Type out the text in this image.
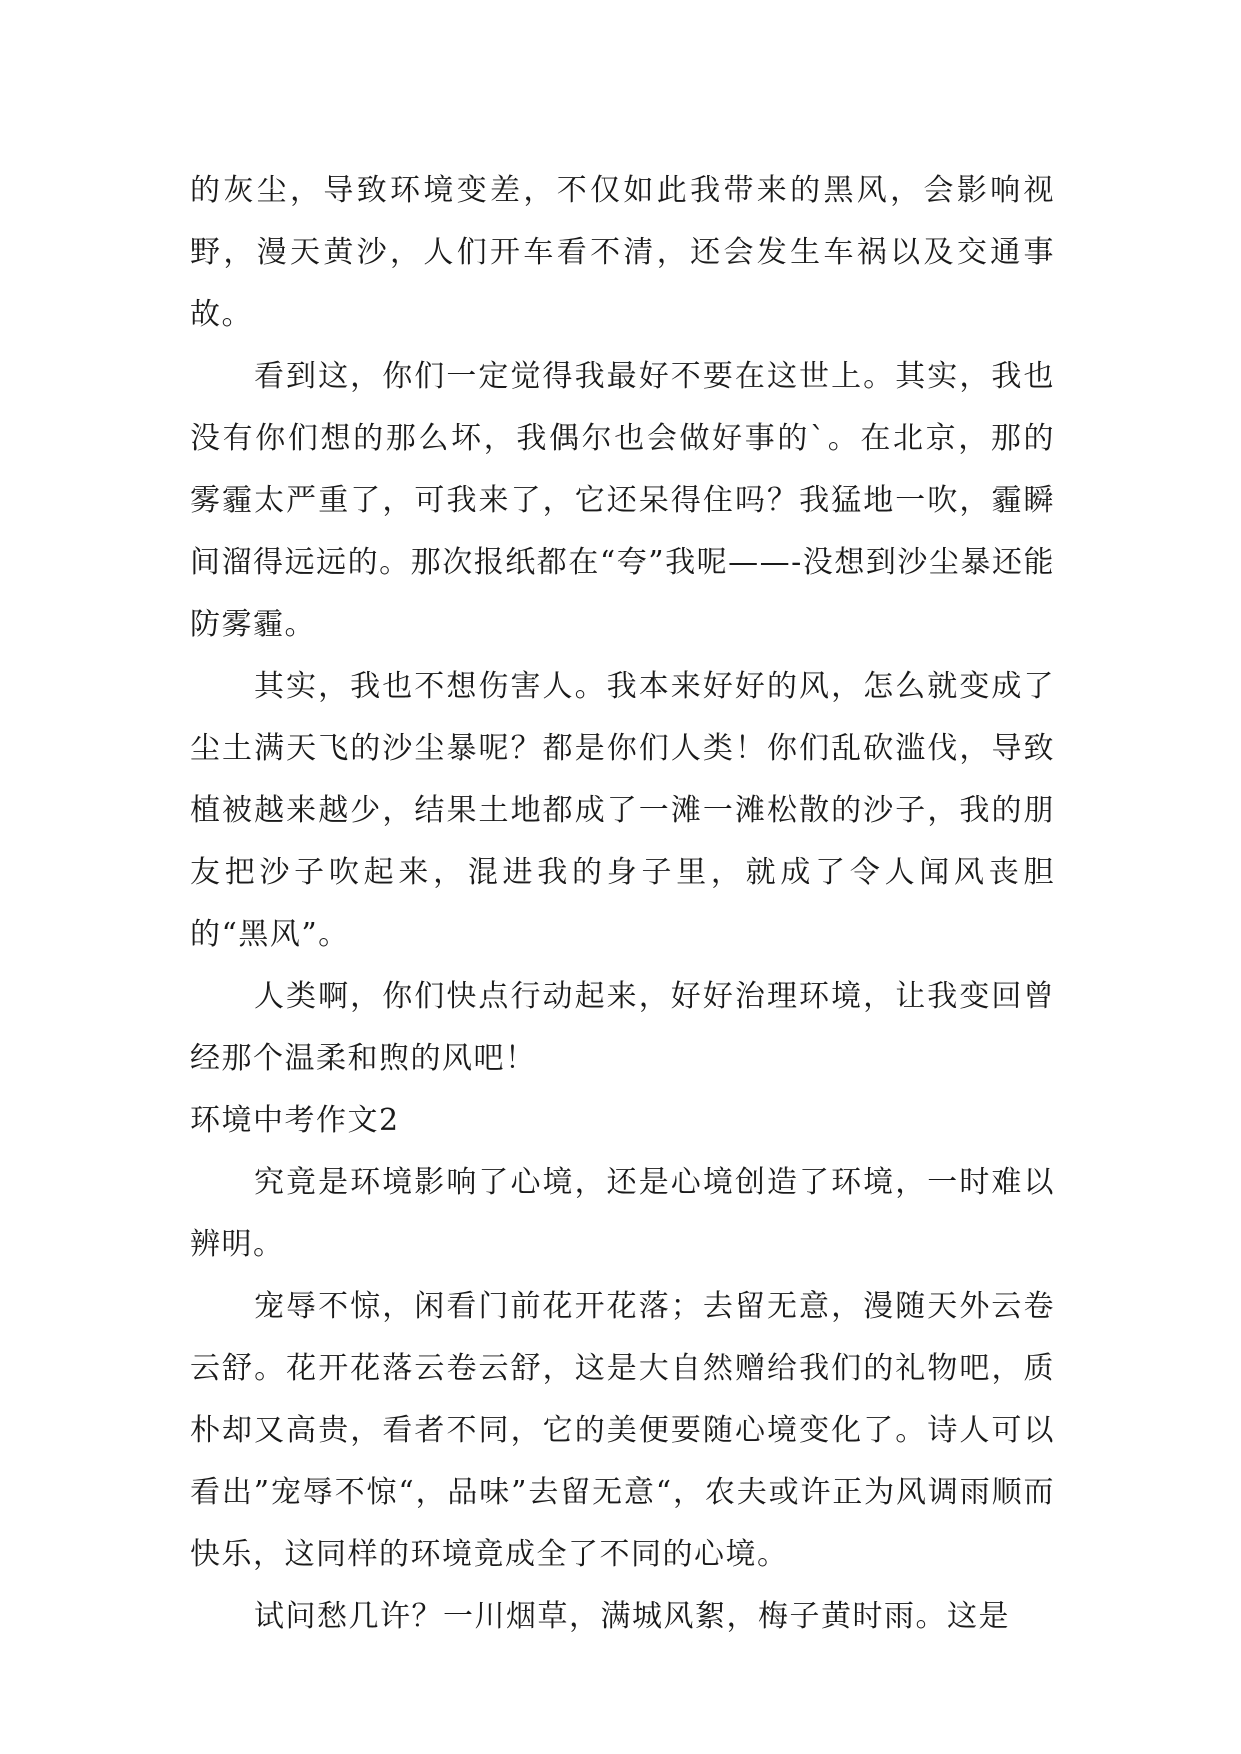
的灰尘，导致环境变差，不仅如此我带来的黑风，会影响视野，漫天黄沙，人们开车看不清，还会发生车祸以及交通事故。

看到这，你们一定觉得我最好不要在这世上。其实，我也没有你们想的那么坏，我偶尔也会做好事的`。在北京，那的雾霾太严重了，可我来了，它还呆得住吗？我猛地一吹，霾瞬间溜得远远的。那次报纸都在“夸”我呢——-没想到沙尘暴还能防雾霾。

其实，我也不想伤害人。我本来好好的风，怎么就变成了尘土满天飞的沙尘暴呢？都是你们人类！你们乱砍滥伐，导致植被越来越少，结果土地都成了一滩一滩松散的沙子，我的朋友把沙子吹起来，混进我的身子里，就成了令人闻风丧胆的“黑风”。

人类啊，你们快点行动起来，好好治理环境，让我变回曾经那个温柔和煦的风吧！

环境中考作文2

究竟是环境影响了心境，还是心境创造了环境，一时难以辨明。

宠辱不惊，闲看门前花开花落；去留无意，漫随天外云卷云舒。花开花落云卷云舒，这是大自然赠给我们的礼物吧，质朴却又高贵，看者不同，它的美便要随心境变化了。诗人可以看出”宠辱不惊“，品味”去留无意“，农夫或许正为风调雨顺而快乐，这同样的环境竟成全了不同的心境。

试问愁几许？一川烟草，满城风絮，梅子黄时雨。这是
